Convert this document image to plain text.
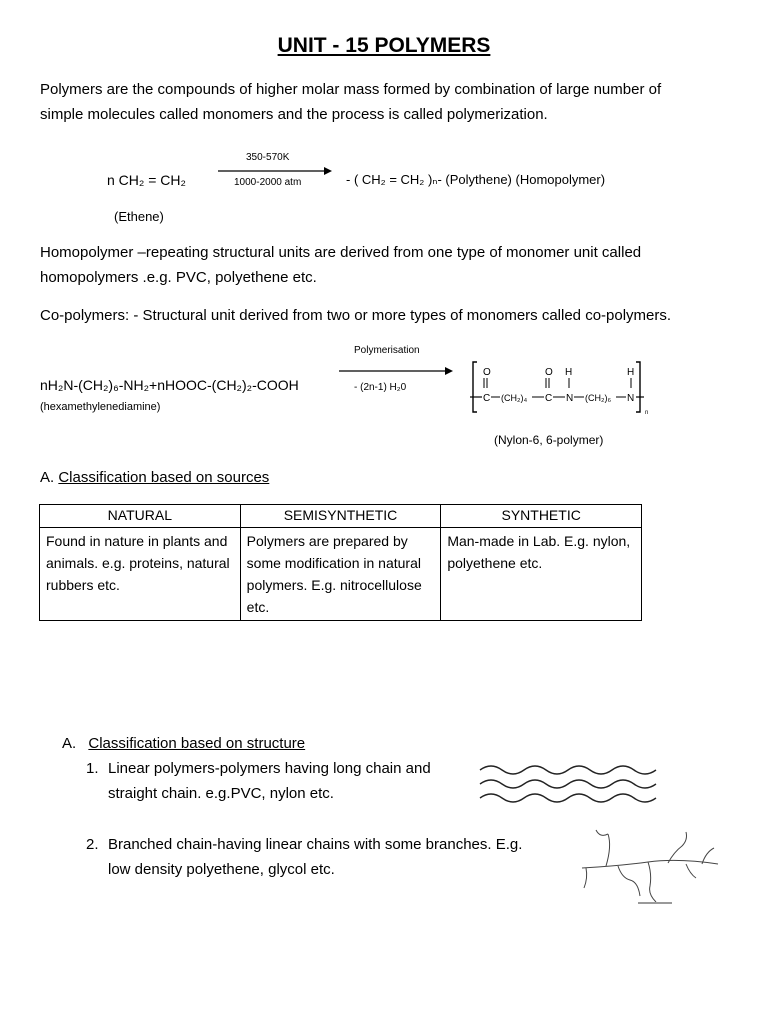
UNIT - 15 POLYMERS
Polymers are the compounds of higher molar mass formed by combination of large number of
simple molecules called monomers and the process is called polymerization.
n CH₂ = CH₂
350-570K
1000-2000 atm	- ( CH₂ = CH₂ )ₙ- (Polythene) (Homopolymer)
(Ethene)
Homopolymer –repeating structural units are derived from one type of monomer unit called
homopolymers .e.g. PVC, polyethene etc.
Co-polymers: - Structural unit derived from two or more types of monomers called co-polymers.
Polymerisation
nH₂N-(CH₂)₆-NH₂+nHOOC-(CH₂)₂-COOH	- (2n-1) H₂0
(hexamethylenediamine)
O	O H	H
C (CH₂)₄ C N (CH₂)₆ N
n
(Nylon-6, 6-polymer)
A. Classification based on sources
NATURAL	SEMISYNTHETIC	SYNTHETIC
Found in nature in plants and animals. e.g. proteins, natural rubbers etc.	Polymers are prepared by some modification in natural polymers. E.g. nitrocellulose etc.	Man-made in Lab. E.g. nylon, polyethene etc.
A. Classification based on structure
1. Linear polymers-polymers having long chain and
straight chain. e.g.PVC, nylon etc.
2. Branched chain-having linear chains with some branches. E.g.
low density polyethene, glycol etc.
